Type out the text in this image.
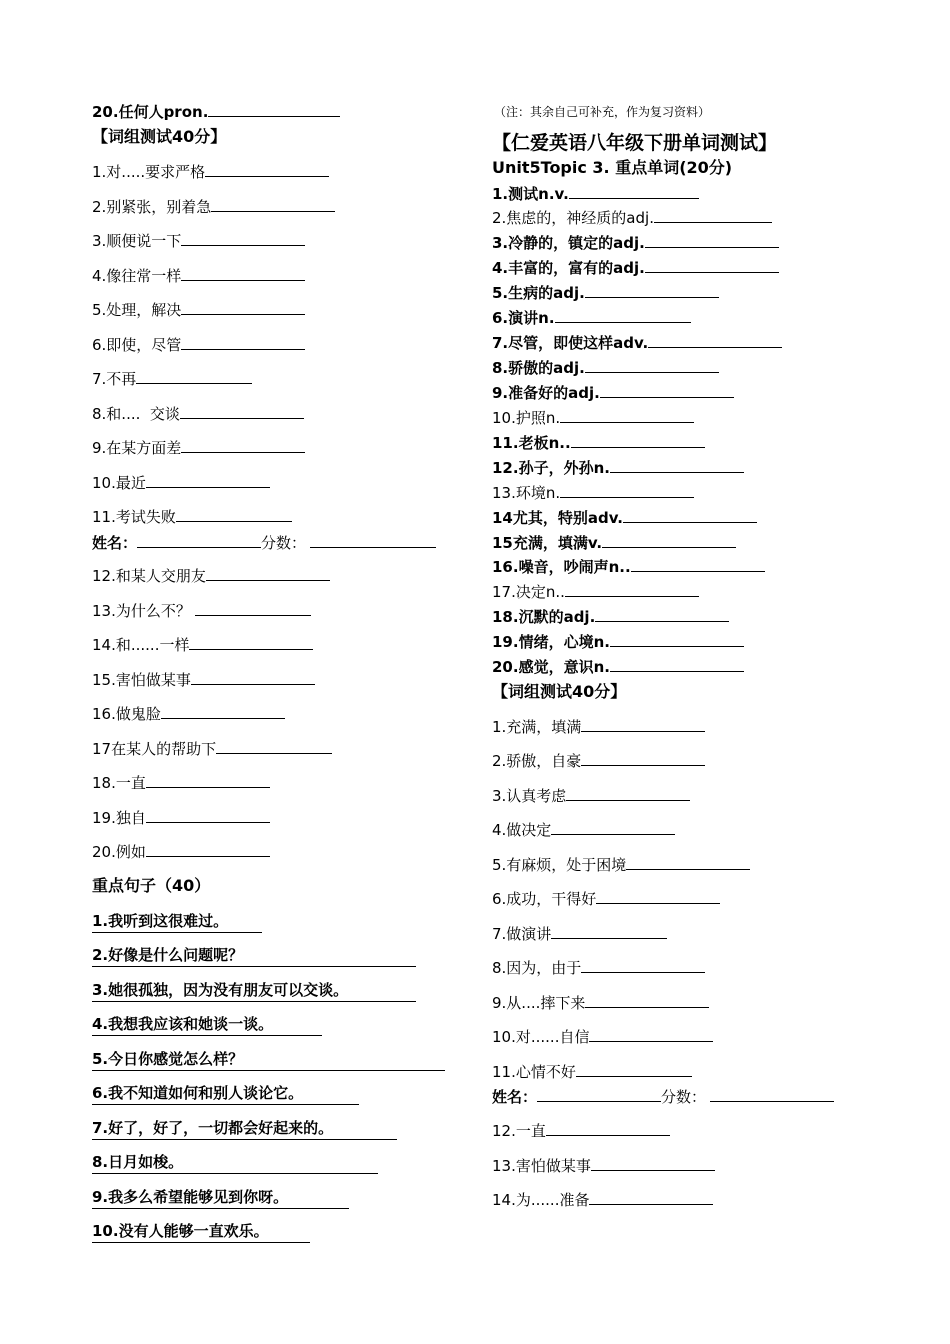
20.任何人pron.
【词组测试40分】
1.对.....要求严格
2.别紧张，别着急
3.顺便说一下
4.像往常一样
5.处理，解决
6.即使，尽管
7.不再
8.和....  交谈
9.在某方面差
10.最近
11.考试失败
姓名：	分数：
12.和某人交朋友
13.为什么不？
14.和......一样
15.害怕做某事
16.做鬼脸
17在某人的帮助下
18.一直
19.独自
20.例如
重点句子（40）
1.我听到这很难过。
2.好像是什么问题呢？
3.她很孤独，因为没有朋友可以交谈。
4.我想我应该和她谈一谈。
5.今日你感觉怎么样？
6.我不知道如何和别人谈论它。
7.好了，好了，一切都会好起来的。
8.日月如梭。
9.我多么希望能够见到你呀。
10.没有人能够一直欢乐。
（注：其余自己可补充，作为复习资料）
【仁爱英语八年级下册单词测试】
Unit5Topic 3. 重点单词(20分)
1.测试n.v.
2.焦虑的，神经质的adj.
3.冷静的，镇定的adj.
4.丰富的，富有的adj.
5.生病的adj.
6.演讲n.
7.尽管，即使这样adv.
8.骄傲的adj.
9.准备好的adj.
10.护照n.
11.老板n..
12.孙子，外孙n.
13.环境n.
14尤其，特别adv.
15充满，填满v.
16.噪音，吵闹声n..
17.决定n..
18.沉默的adj.
19.情绪，心境n.
20.感觉，意识n.
【词组测试40分】
1.充满，填满
2.骄傲，自豪
3.认真考虑
4.做决定
5.有麻烦，处于困境
6.成功，干得好
7.做演讲
8.因为，由于
9.从....摔下来
10.对......自信
11.心情不好
姓名：	分数：
12.一直
13.害怕做某事
14.为......准备
